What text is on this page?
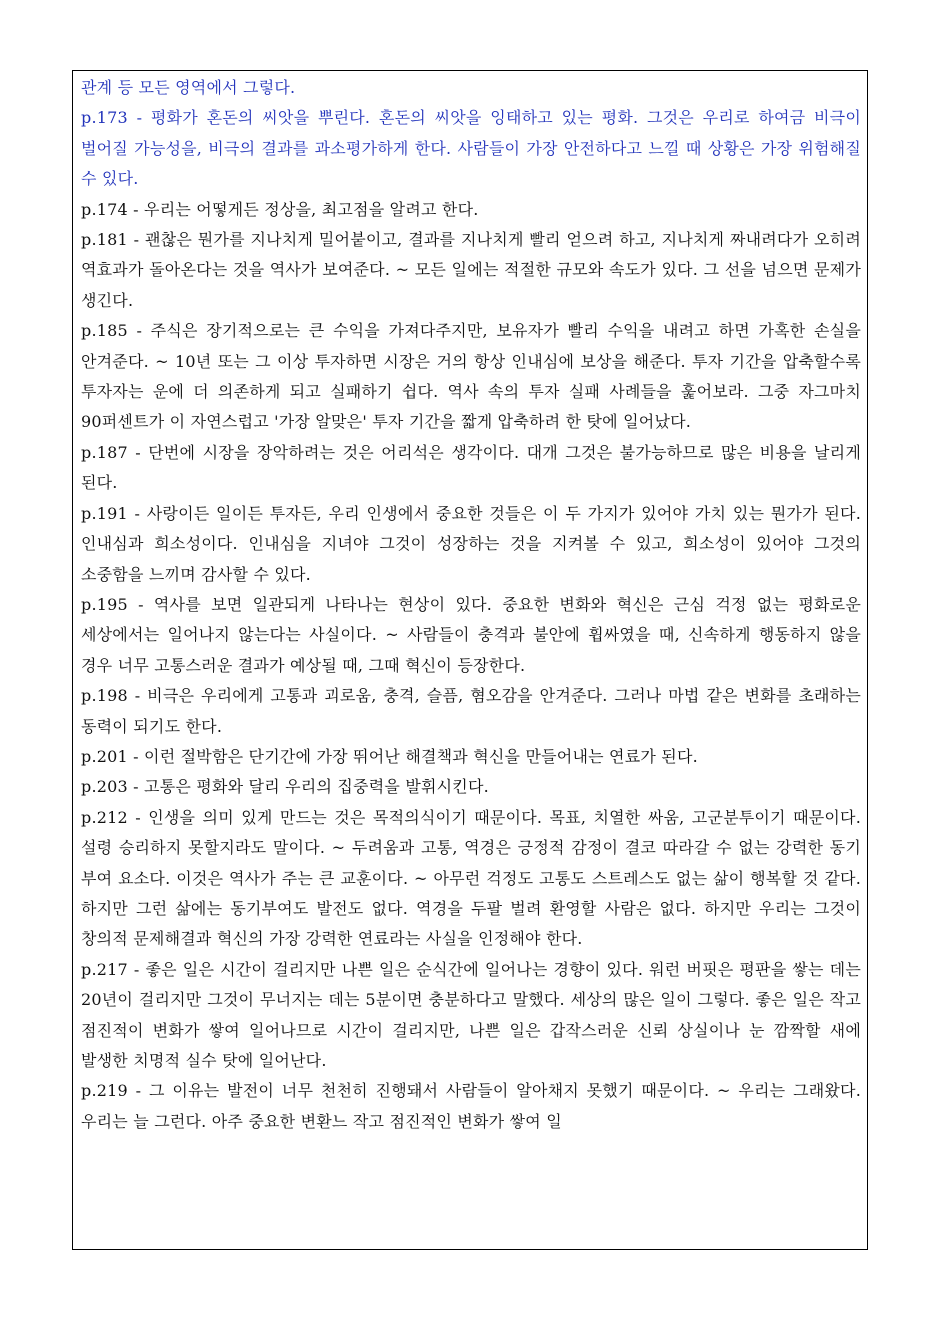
관계 등 모든 영역에서 그렇다.

p.173 - 평화가 혼돈의 씨앗을 뿌린다. 혼돈의 씨앗을 잉태하고 있는 평화. 그것은 우리로 하여금 비극이 벌어질 가능성을, 비극의 결과를 과소평가하게 한다. 사람들이 가장 안전하다고 느낄 때 상황은 가장 위험해질 수 있다.

p.174 - 우리는 어떻게든 정상을, 최고점을 알려고 한다.

p.181 - 괜찮은 뭔가를 지나치게 밀어붙이고, 결과를 지나치게 빨리 얻으려 하고, 지나치게 짜내려다가 오히려 역효과가 돌아온다는 것을 역사가 보여준다. ~ 모든 일에는 적절한 규모와 속도가 있다. 그 선을 넘으면 문제가 생긴다.

p.185 - 주식은 장기적으로는 큰 수익을 가져다주지만, 보유자가 빨리 수익을 내려고 하면 가혹한 손실을 안겨준다. ~ 10년 또는 그 이상 투자하면 시장은 거의 항상 인내심에 보상을 해준다. 투자 기간을 압축할수록 투자자는 운에 더 의존하게 되고 실패하기 쉽다. 역사 속의 투자 실패 사례들을 훑어보라. 그중 자그마치 90퍼센트가 이 자연스럽고 '가장 알맞은' 투자 기간을 짧게 압축하려 한 탓에 일어났다.

p.187 - 단번에 시장을 장악하려는 것은 어리석은 생각이다. 대개 그것은 불가능하므로 많은 비용을 날리게 된다.

p.191 - 사랑이든 일이든 투자든, 우리 인생에서 중요한 것들은 이 두 가지가 있어야 가치 있는 뭔가가 된다. 인내심과 희소성이다. 인내심을 지녀야 그것이 성장하는 것을 지켜볼 수 있고, 희소성이 있어야 그것의 소중함을 느끼며 감사할 수 있다.

p.195 - 역사를 보면 일관되게 나타나는 현상이 있다. 중요한 변화와 혁신은 근심 걱정 없는 평화로운 세상에서는 일어나지 않는다는 사실이다. ~ 사람들이 충격과 불안에 휩싸였을 때, 신속하게 행동하지 않을 경우 너무 고통스러운 결과가 예상될 때, 그때 혁신이 등장한다.

p.198 - 비극은 우리에게 고통과 괴로움, 충격, 슬픔, 혐오감을 안겨준다. 그러나 마법 같은 변화를 초래하는 동력이 되기도 한다.

p.201 - 이런 절박함은 단기간에 가장 뛰어난 해결책과 혁신을 만들어내는 연료가 된다.

p.203 - 고통은 평화와 달리 우리의 집중력을 발휘시킨다.

p.212 - 인생을 의미 있게 만드는 것은 목적의식이기 때문이다. 목표, 치열한 싸움, 고군분투이기 때문이다. 설령 승리하지 못할지라도 말이다. ~ 두려움과 고통, 역경은 긍정적 감정이 결코 따라갈 수 없는 강력한 동기 부여 요소다. 이것은 역사가 주는 큰 교훈이다. ~ 아무런 걱정도 고통도 스트레스도 없는 삶이 행복할 것 같다. 하지만 그런 삶에는 동기부여도 발전도 없다. 역경을 두팔 벌려 환영할 사람은 없다. 하지만 우리는 그것이 창의적 문제해결과 혁신의 가장 강력한 연료라는 사실을 인정해야 한다.

p.217 - 좋은 일은 시간이 걸리지만 나쁜 일은 순식간에 일어나는 경향이 있다. 워런 버핏은 평판을 쌓는 데는 20년이 걸리지만 그것이 무너지는 데는 5분이면 충분하다고 말했다. 세상의 많은 일이 그렇다. 좋은 일은 작고 점진적이 변화가 쌓여 일어나므로 시간이 걸리지만, 나쁜 일은 갑작스러운 신뢰 상실이나 눈 깜짝할 새에 발생한 치명적 실수 탓에 일어난다.

p.219 - 그 이유는 발전이 너무 천천히 진행돼서 사람들이 알아채지 못했기 때문이다. ~ 우리는 그래왔다. 우리는 늘 그런다. 아주 중요한 변환느 작고 점진적인 변화가 쌓여 일
